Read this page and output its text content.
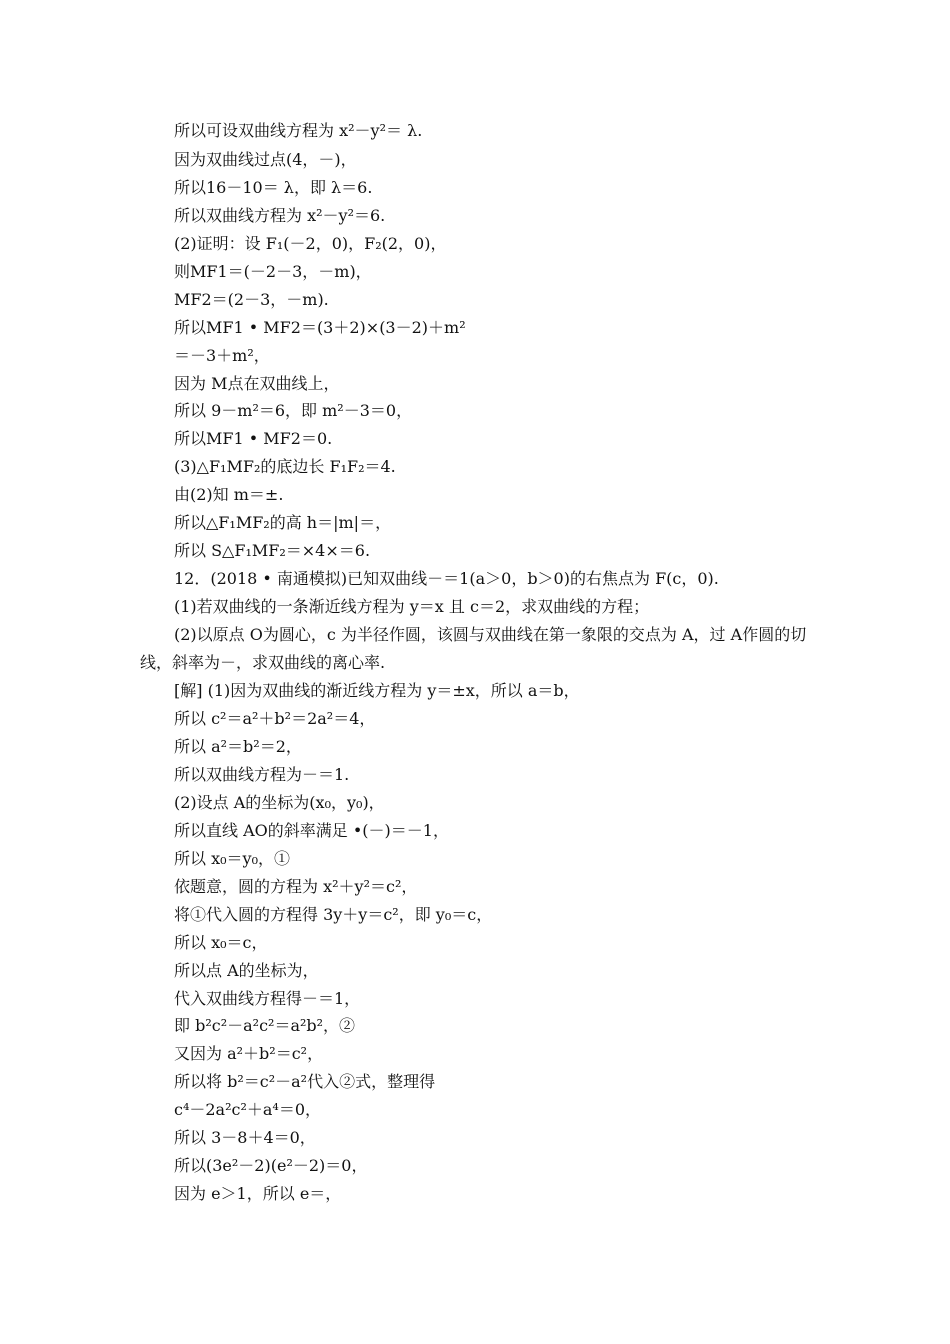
所以可设双曲线方程为 x²－y²＝ λ.
因为双曲线过点(4，－)，
所以16－10＝ λ，即 λ＝6.
所以双曲线方程为 x²－y²＝6.
(2)证明：设 F₁(－2，0)，F₂(2，0)，
则MF1＝(－2－3，－m)，
MF2＝(2－3，－m).
所以MF1 • MF2＝(3＋2)×(3－2)＋m²
＝－3＋m²，
因为 M点在双曲线上，
所以 9－m²＝6，即 m²－3＝0，
所以MF1 • MF2＝0.
(3)△F₁MF₂的底边长 F₁F₂＝4.
由(2)知 m＝±.
所以△F₁MF₂的高 h＝|m|＝，
所以 S△F₁MF₂＝×4×＝6.
12．(2018 • 南通模拟)已知双曲线－＝1(a＞0，b＞0)的右焦点为 F(c，0).
(1)若双曲线的一条渐近线方程为 y＝x 且 c＝2，求双曲线的方程；
(2)以原点 O为圆心，c 为半径作圆，该圆与双曲线在第一象限的交点为 A，过 A作圆的切
线，斜率为－，求双曲线的离心率.
[解] (1)因为双曲线的渐近线方程为 y＝±x，所以 a＝b，
所以 c²＝a²＋b²＝2a²＝4，
所以 a²＝b²＝2，
所以双曲线方程为－＝1.
(2)设点 A的坐标为(x₀，y₀)，
所以直线 AO的斜率满足 •(－)＝－1，
所以 x₀＝y₀，①
依题意，圆的方程为 x²＋y²＝c²，
将①代入圆的方程得 3y＋y＝c²，即 y₀＝c，
所以 x₀＝c，
所以点 A的坐标为，
代入双曲线方程得－＝1，
即 b²c²－a²c²＝a²b²，②
又因为 a²＋b²＝c²，
所以将 b²＝c²－a²代入②式，整理得
c⁴－2a²c²＋a⁴＝0，
所以 3－8＋4＝0，
所以(3e²－2)(e²－2)＝0，
因为 e＞1，所以 e＝，
